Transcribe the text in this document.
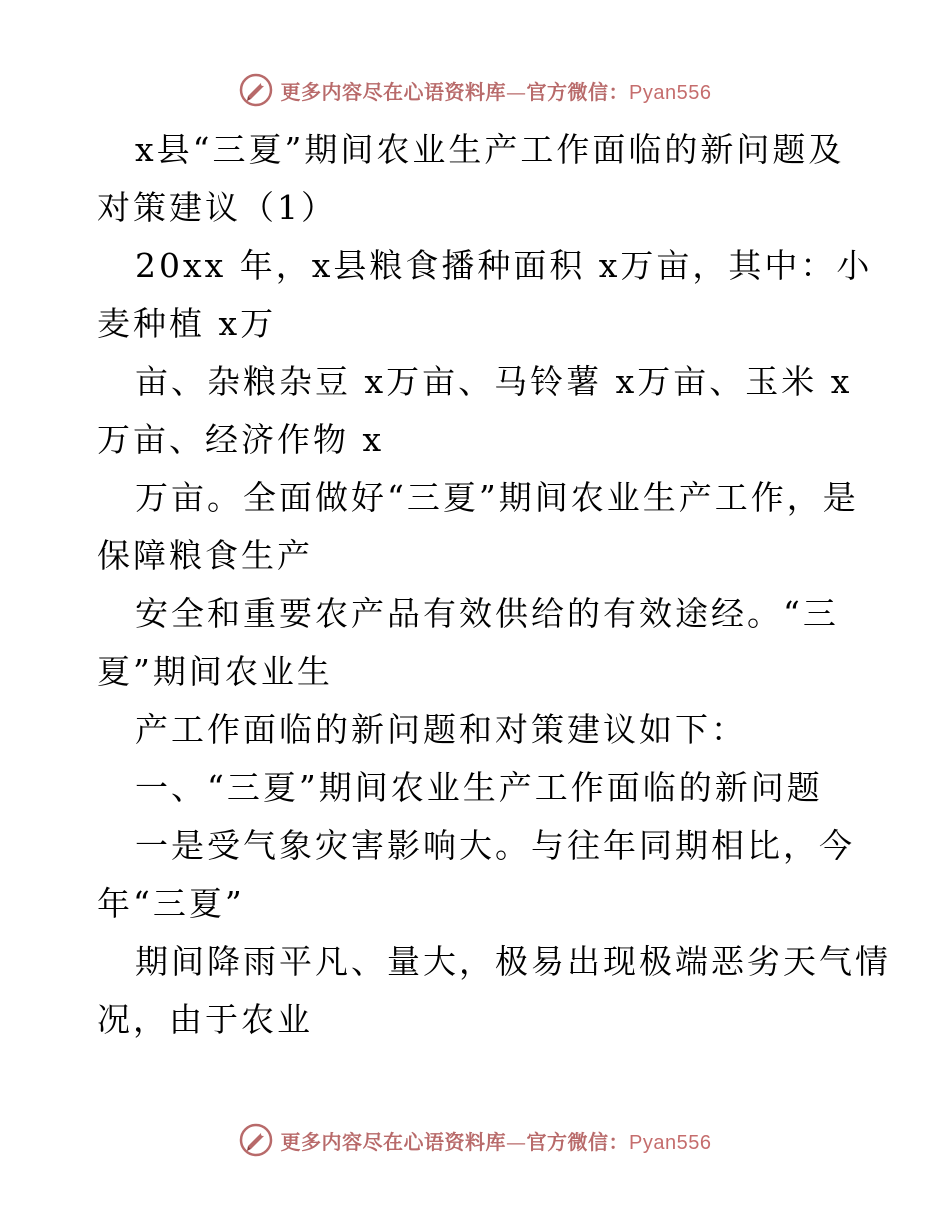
更多内容尽在心语资料库—官方微信：Pyan556
x县“三夏”期间农业生产工作面临的新问题及
对策建议（1）
20xx 年，x县粮食播种面积 x万亩，其中：小
麦种植 x万
亩、杂粮杂豆 x万亩、马铃薯 x万亩、玉米 x
万亩、经济作物 x
万亩。全面做好“三夏”期间农业生产工作，是
保障粮食生产
安全和重要农产品有效供给的有效途经。“三
夏”期间农业生
产工作面临的新问题和对策建议如下：
一、“三夏”期间农业生产工作面临的新问题
一是受气象灾害影响大。与往年同期相比，今
年“三夏”
期间降雨平凡、量大，极易出现极端恶劣天气情
况，由于农业
更多内容尽在心语资料库—官方微信：Pyan556
